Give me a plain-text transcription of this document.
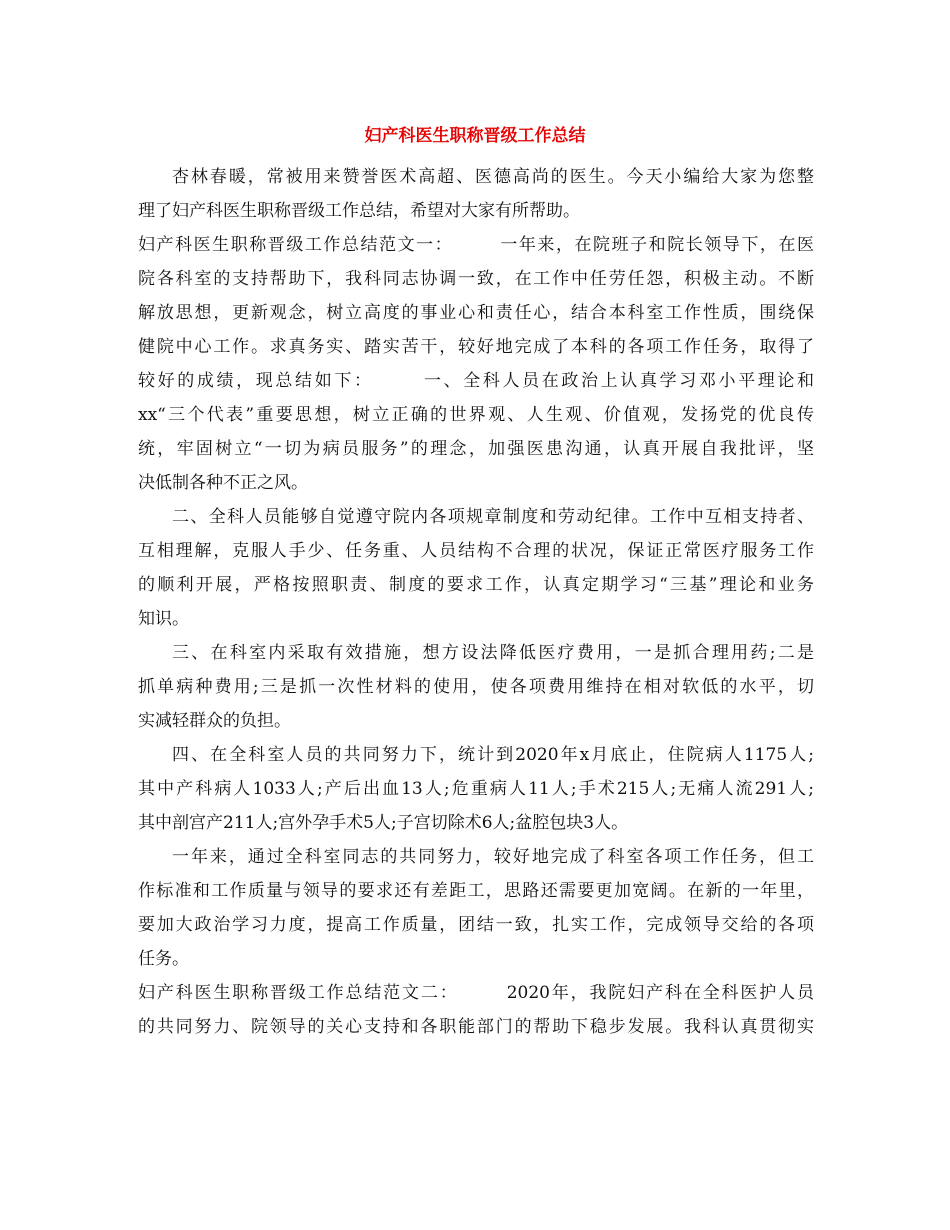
妇产科医生职称晋级工作总结
杏林春暖，常被用来赞誉医术高超、医德高尚的医生。今天小编给大家为您整
理了妇产科医生职称晋级工作总结，希望对大家有所帮助。
妇产科医生职称晋级工作总结范文一：　　　一年来，在院班子和院长领导下，在医
院各科室的支持帮助下，我科同志协调一致，在工作中任劳任怨，积极主动。不断
解放思想，更新观念，树立高度的事业心和责任心，结合本科室工作性质，围绕保
健院中心工作。求真务实、踏实苦干，较好地完成了本科的各项工作任务，取得了
较好的成绩，现总结如下：　　　一、全科人员在政治上认真学习邓小平理论和
xx“三个代表”重要思想，树立正确的世界观、人生观、价值观，发扬党的优良传
统，牢固树立“一切为病员服务”的理念，加强医患沟通，认真开展自我批评，坚
决低制各种不正之风。
二、全科人员能够自觉遵守院内各项规章制度和劳动纪律。工作中互相支持者、
互相理解，克服人手少、任务重、人员结构不合理的状况，保证正常医疗服务工作
的顺利开展，严格按照职责、制度的要求工作，认真定期学习“三基”理论和业务
知识。
三、在科室内采取有效措施，想方设法降低医疗费用，一是抓合理用药;二是
抓单病种费用;三是抓一次性材料的使用，使各项费用维持在相对软低的水平，切
实减轻群众的负担。
四、在全科室人员的共同努力下，统计到2020年x月底止，住院病人1175人;
其中产科病人1033人;产后出血13人;危重病人11人;手术215人;无痛人流291人;
其中剖宫产211人;宫外孕手术5人;子宫切除术6人;盆腔包块3人。
一年来，通过全科室同志的共同努力，较好地完成了科室各项工作任务，但工
作标准和工作质量与领导的要求还有差距工，思路还需要更加宽阔。在新的一年里，
要加大政治学习力度，提高工作质量，团结一致，扎实工作，完成领导交给的各项
任务。
妇产科医生职称晋级工作总结范文二：　　　2020年，我院妇产科在全科医护人员
的共同努力、院领导的关心支持和各职能部门的帮助下稳步发展。我科认真贯彻实
